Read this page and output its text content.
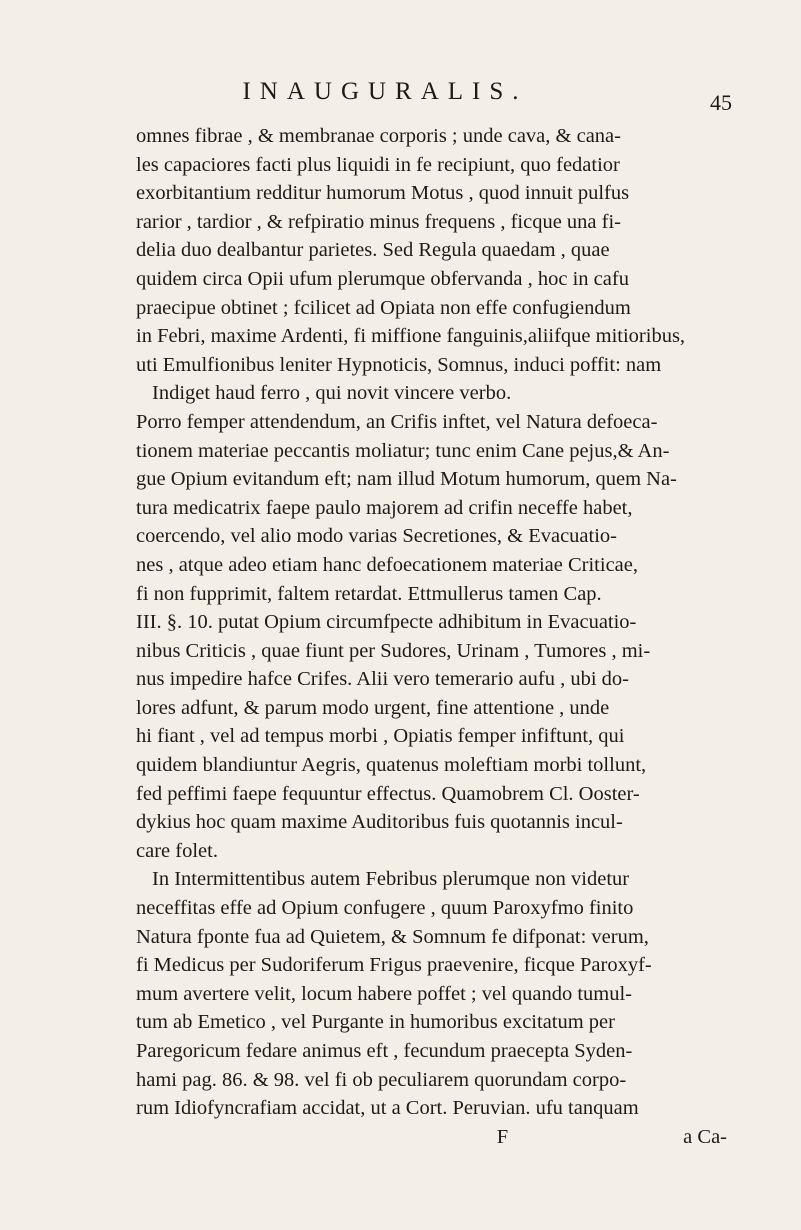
INAUGURALIS.	45
omnes fibrae , & membranae corporis ; unde cava, & cana-
les capaciores facti plus liquidi in fe recipiunt, quo fedatior
exorbitantium redditur humorum Motus , quod innuit pulfus
rarior , tardior , & refpiratio minus frequens , ficque una fi-
delia duo dealbantur parietes. Sed Regula quaedam , quae
quidem circa Opii ufum plerumque obfervanda , hoc in cafu
praecipue obtinet ; fcilicet ad Opiata non effe confugiendum
in Febri, maxime Ardenti, fi miffione fanguinis,aliifque mitioribus,
uti Emulfionibus leniter Hypnoticis, Somnus, induci poffit: nam
Indiget haud ferro , qui novit vincere verbo.
Porro femper attendendum, an Crifis inftet, vel Natura defoeca-
tionem materiae peccantis moliatur; tunc enim Cane pejus,& An-
gue Opium evitandum eft; nam illud Motum humorum, quem Na-
tura medicatrix faepe paulo majorem ad crifin neceffe habet,
coercendo, vel alio modo varias Secretiones, & Evacuatio-
nes , atque adeo etiam hanc defoecationem materiae Criticae,
fi non fupprimit, faltem retardat. Ettmullerus tamen Cap.
III. §. 10. putat Opium circumfpecte adhibitum in Evacuatio-
nibus Criticis , quae fiunt per Sudores, Urinam , Tumores , mi-
nus impedire hafce Crifes. Alii vero temerario aufu , ubi do-
lores adfunt, & parum modo urgent, fine attentione , unde
hi fiant , vel ad tempus morbi , Opiatis femper infiftunt, qui
quidem blandiuntur Aegris, quatenus moleftiam morbi tollunt,
fed peffimi faepe fequuntur effectus. Quamobrem Cl. Ooster-
dykius hoc quam maxime Auditoribus fuis quotannis incul-
care folet.
In Intermittentibus autem Febribus plerumque non videtur
neceffitas effe ad Opium confugere , quum Paroxyfmo finito
Natura fponte fua ad Quietem, & Somnum fe difponat: verum,
fi Medicus per Sudoriferum Frigus praevenire, ficque Paroxyf-
mum avertere velit, locum habere poffet ; vel quando tumul-
tum ab Emetico , vel Purgante in humoribus excitatum per
Paregoricum fedare animus eft , fecundum praecepta Syden-
hami pag. 86. & 98. vel fi ob peculiarem quorundam corpo-
rum Idiofyncrafiam accidat, ut a Cort. Peruvian. ufu tanquam
F	a Ca-
